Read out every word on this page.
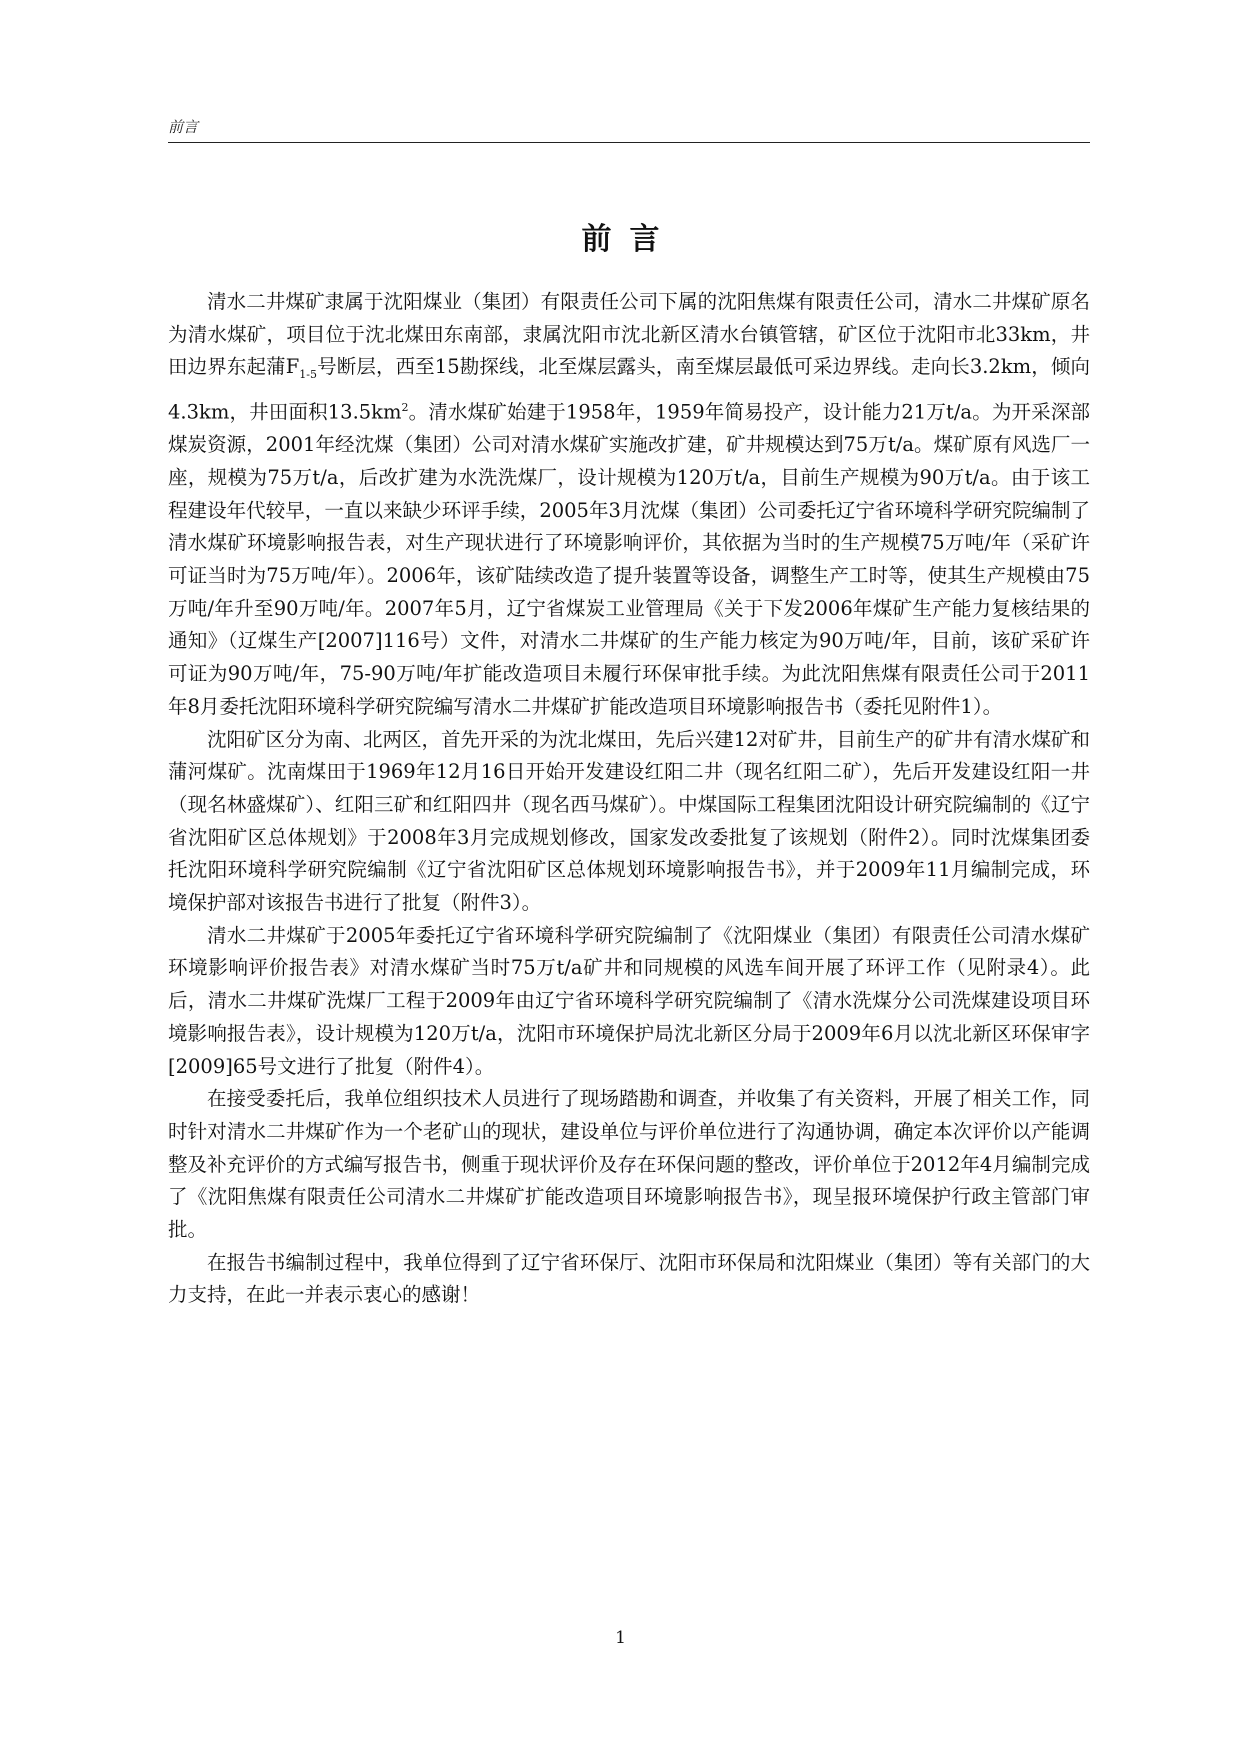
前言
前言

清水二井煤矿隶属于沈阳煤业（集团）有限责任公司下属的沈阳焦煤有限责任公司，清水二井煤矿原名为清水煤矿，项目位于沈北煤田东南部，隶属沈阳市沈北新区清水台镇管辖，矿区位于沈阳市北33km，井田边界东起蒲$F_{1-5}$号断层，西至15勘探线，北至煤层露头，南至煤层最低可采边界线。走向长3.2km，倾向4.3km，井田面积$13.5km^2$。清水煤矿始建于1958年，1959年简易投产，设计能力21万t/a。为开采深部煤炭资源，2001年经沈煤（集团）公司对清水煤矿实施改扩建，矿井规模达到75万t/a。煤矿原有风选厂一座，规模为75万t/a，后改扩建为水洗洗煤厂，设计规模为120万t/a，目前生产规模为90万t/a。由于该工程建设年代较早，一直以来缺少环评手续，2005年3月沈煤（集团）公司委托辽宁省环境科学研究院编制了清水煤矿环境影响报告表，对生产现状进行了环境影响评价，其依据为当时的生产规模75万吨/年（采矿许可证当时为75万吨/年）。2006年，该矿陆续改造了提升装置等设备，调整生产工时等，使其生产规模由75万吨/年升至90万吨/年。2007年5月，辽宁省煤炭工业管理局《关于下发2006年煤矿生产能力复核结果的通知》（辽煤生产[2007]116号）文件，对清水二井煤矿的生产能力核定为90万吨/年，目前，该矿采矿许可证为90万吨/年，75-90万吨/年扩能改造项目未履行环保审批手续。为此沈阳焦煤有限责任公司于2011年8月委托沈阳环境科学研究院编写清水二井煤矿扩能改造项目环境影响报告书（委托见附件1）。

沈阳矿区分为南、北两区，首先开采的为沈北煤田，先后兴建12对矿井，目前生产的矿井有清水煤矿和蒲河煤矿。沈南煤田于1969年12月16日开始开发建设红阳二井（现名红阳二矿），先后开发建设红阳一井（现名林盛煤矿）、红阳三矿和红阳四井（现名西马煤矿）。中煤国际工程集团沈阳设计研究院编制的《辽宁省沈阳矿区总体规划》于2008年3月完成规划修改，国家发改委批复了该规划（附件2）。同时沈煤集团委托沈阳环境科学研究院编制《辽宁省沈阳矿区总体规划环境影响报告书》，并于2009年11月编制完成，环境保护部对该报告书进行了批复（附件3）。

清水二井煤矿于2005年委托辽宁省环境科学研究院编制了《沈阳煤业（集团）有限责任公司清水煤矿环境影响评价报告表》对清水煤矿当时75万t/a矿井和同规模的风选车间开展了环评工作（见附录4）。此后，清水二井煤矿洗煤厂工程于2009年由辽宁省环境科学研究院编制了《清水洗煤分公司洗煤建设项目环境影响报告表》，设计规模为120万t/a，沈阳市环境保护局沈北新区分局于2009年6月以沈北新区环保审字[2009]65号文进行了批复（附件4）。

在接受委托后，我单位组织技术人员进行了现场踏勘和调查，并收集了有关资料，开展了相关工作，同时针对清水二井煤矿作为一个老矿山的现状，建设单位与评价单位进行了沟通协调，确定本次评价以产能调整及补充评价的方式编写报告书，侧重于现状评价及存在环保问题的整改，评价单位于2012年4月编制完成了《沈阳焦煤有限责任公司清水二井煤矿扩能改造项目环境影响报告书》，现呈报环境保护行政主管部门审批。

在报告书编制过程中，我单位得到了辽宁省环保厅、沈阳市环保局和沈阳煤业（集团）等有关部门的大力支持，在此一并表示衷心的感谢！

1
